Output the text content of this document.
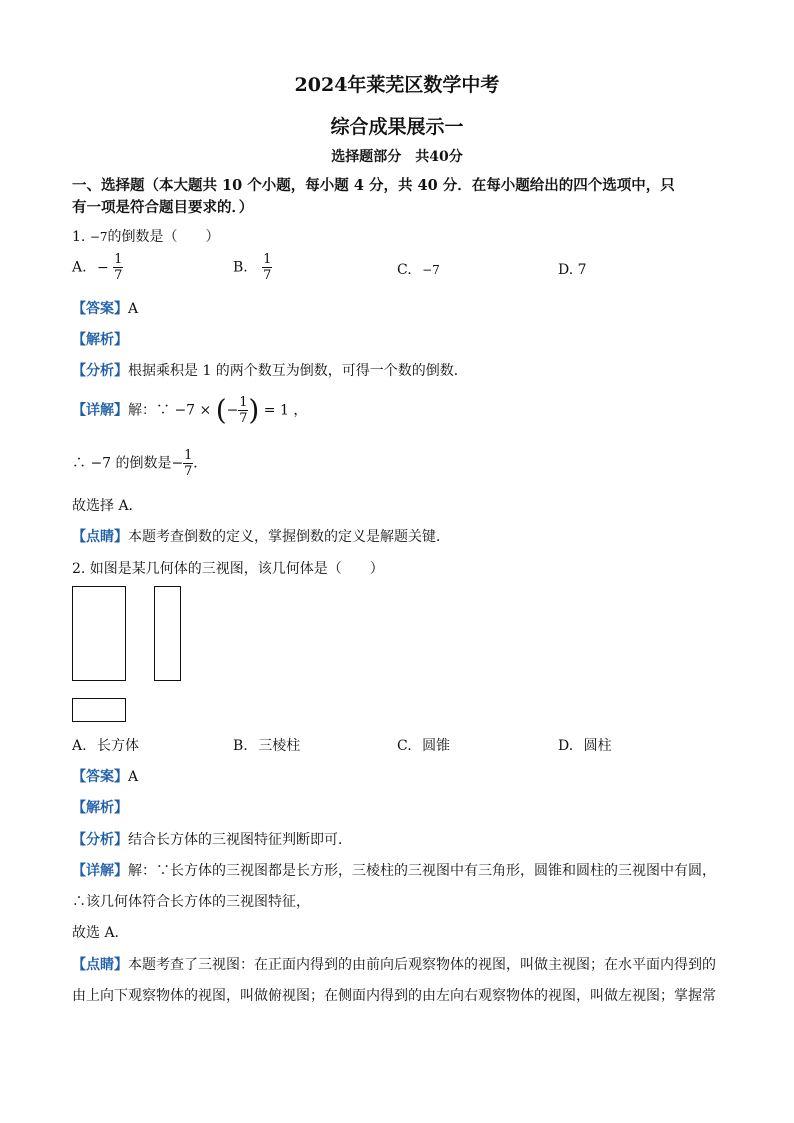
2024年莱芜区数学中考
综合成果展示一
选择题部分　共40分
一、选择题（本大题共 10 个小题，每小题 4 分，共 40 分．在每小题给出的四个选项中，只
有一项是符合题目要求的．）
1. −7的倒数是（　　）
A. − $\frac{1}{7}$	B. $\frac{1}{7}$	C. −7	D. 7
【答案】A
【解析】
【分析】根据乘积是 1 的两个数互为倒数，可得一个数的倒数．
【详解】解：∵ −7 × (− $\frac{1}{7}$ ) = 1 ，
∴ −7 的倒数是− $\frac{1}{7}$ ．
故选择 A．
【点睛】本题考查倒数的定义，掌握倒数的定义是解题关键．
2. 如图是某几何体的三视图，该几何体是（　　）
A. 长方体	B. 三棱柱	C. 圆锥	D. 圆柱
【答案】A
【解析】
【分析】结合长方体的三视图特征判断即可．
【详解】解：∵长方体的三视图都是长方形，三棱柱的三视图中有三角形，圆锥和圆柱的三视图中有圆，
∴该几何体符合长方体的三视图特征，
故选 A．
【点睛】本题考查了三视图：在正面内得到的由前向后观察物体的视图，叫做主视图；在水平面内得到的
由上向下观察物体的视图，叫做俯视图；在侧面内得到的由左向右观察物体的视图，叫做左视图；掌握常
